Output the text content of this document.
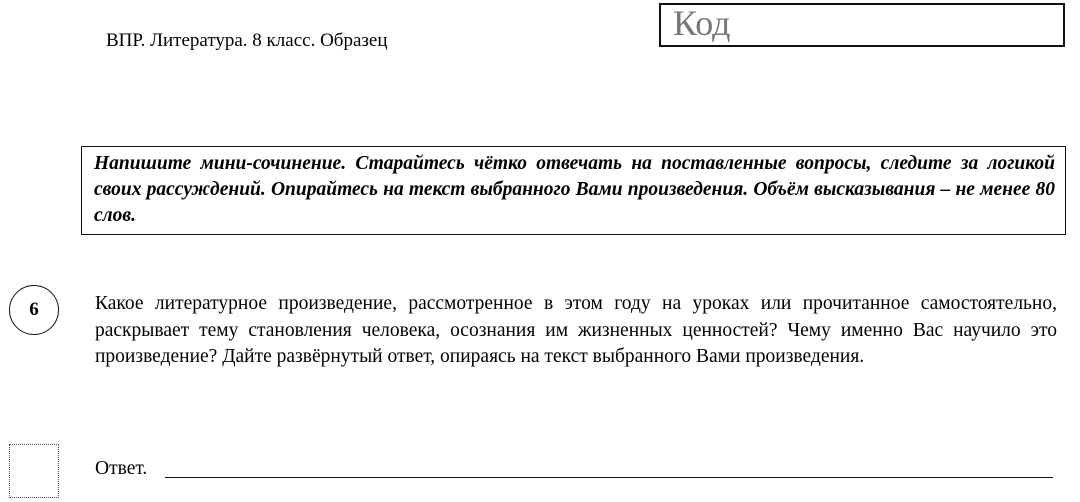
ВПР. Литература. 8 класс. Образец	Код
Напишите мини-сочинение. Старайтесь чётко отвечать на поставленные вопросы, следите за логикой своих рассуждений. Опирайтесь на текст выбранного Вами произведения. Объём высказывания – не менее 80 слов.
6	Какое литературное произведение, рассмотренное в этом году на уроках или прочитанное самостоятельно, раскрывает тему становления человека, осознания им жизненных ценностей? Чему именно Вас научило это произведение? Дайте развёрнутый ответ, опираясь на текст выбранного Вами произведения.
Ответ.
